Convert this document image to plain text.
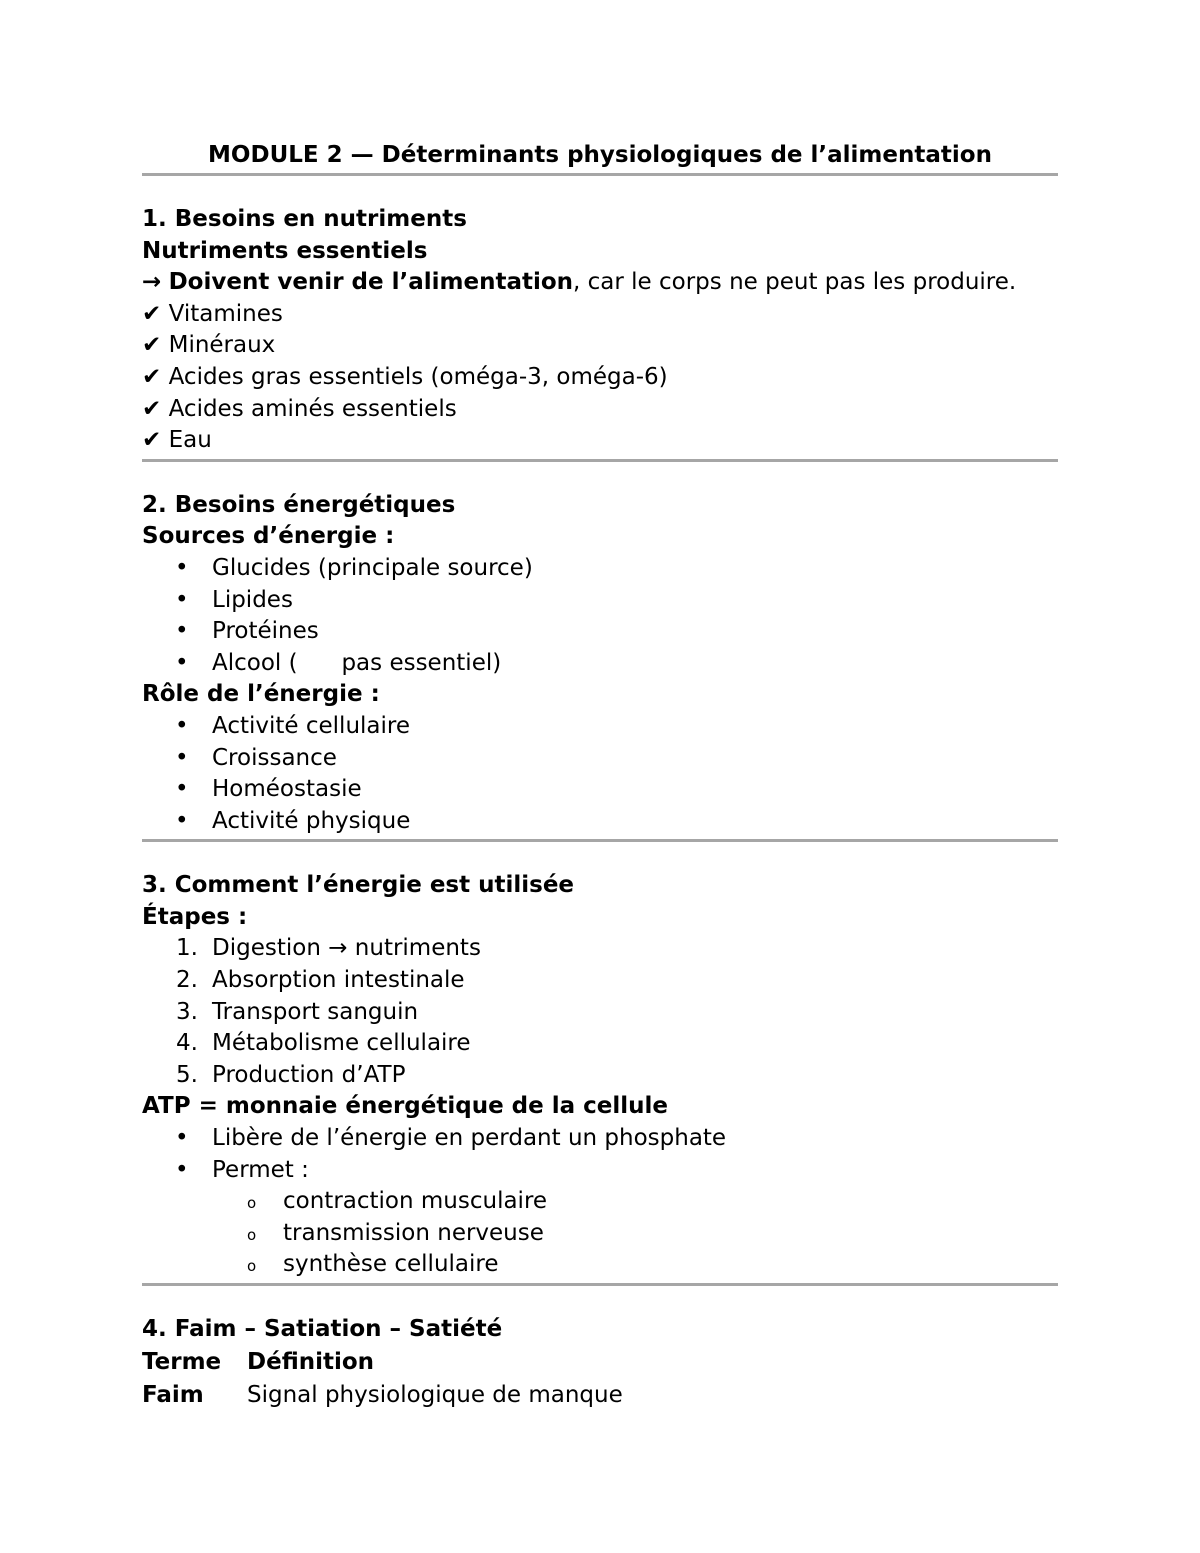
MODULE 2 — Déterminants physiologiques de l’alimentation
1. Besoins en nutriments
Nutriments essentiels
→ Doivent venir de l’alimentation, car le corps ne peut pas les produire.
✔ Vitamines
✔ Minéraux
✔ Acides gras essentiels (oméga-3, oméga-6)
✔ Acides aminés essentiels
✔ Eau
2. Besoins énergétiques
Sources d’énergie :
• Glucides (principale source)
• Lipides
• Protéines
• Alcool (      pas essentiel)
Rôle de l’énergie :
• Activité cellulaire
• Croissance
• Homéostasie
• Activité physique
3. Comment l’énergie est utilisée
Étapes :
1. Digestion → nutriments
2. Absorption intestinale
3. Transport sanguin
4. Métabolisme cellulaire
5. Production d’ATP
ATP = monnaie énergétique de la cellule
• Libère de l’énergie en perdant un phosphate
• Permet :
o contraction musculaire
o transmission nerveuse
o synthèse cellulaire
4. Faim – Satiation – Satiété
Terme Définition
Faim Signal physiologique de manque
